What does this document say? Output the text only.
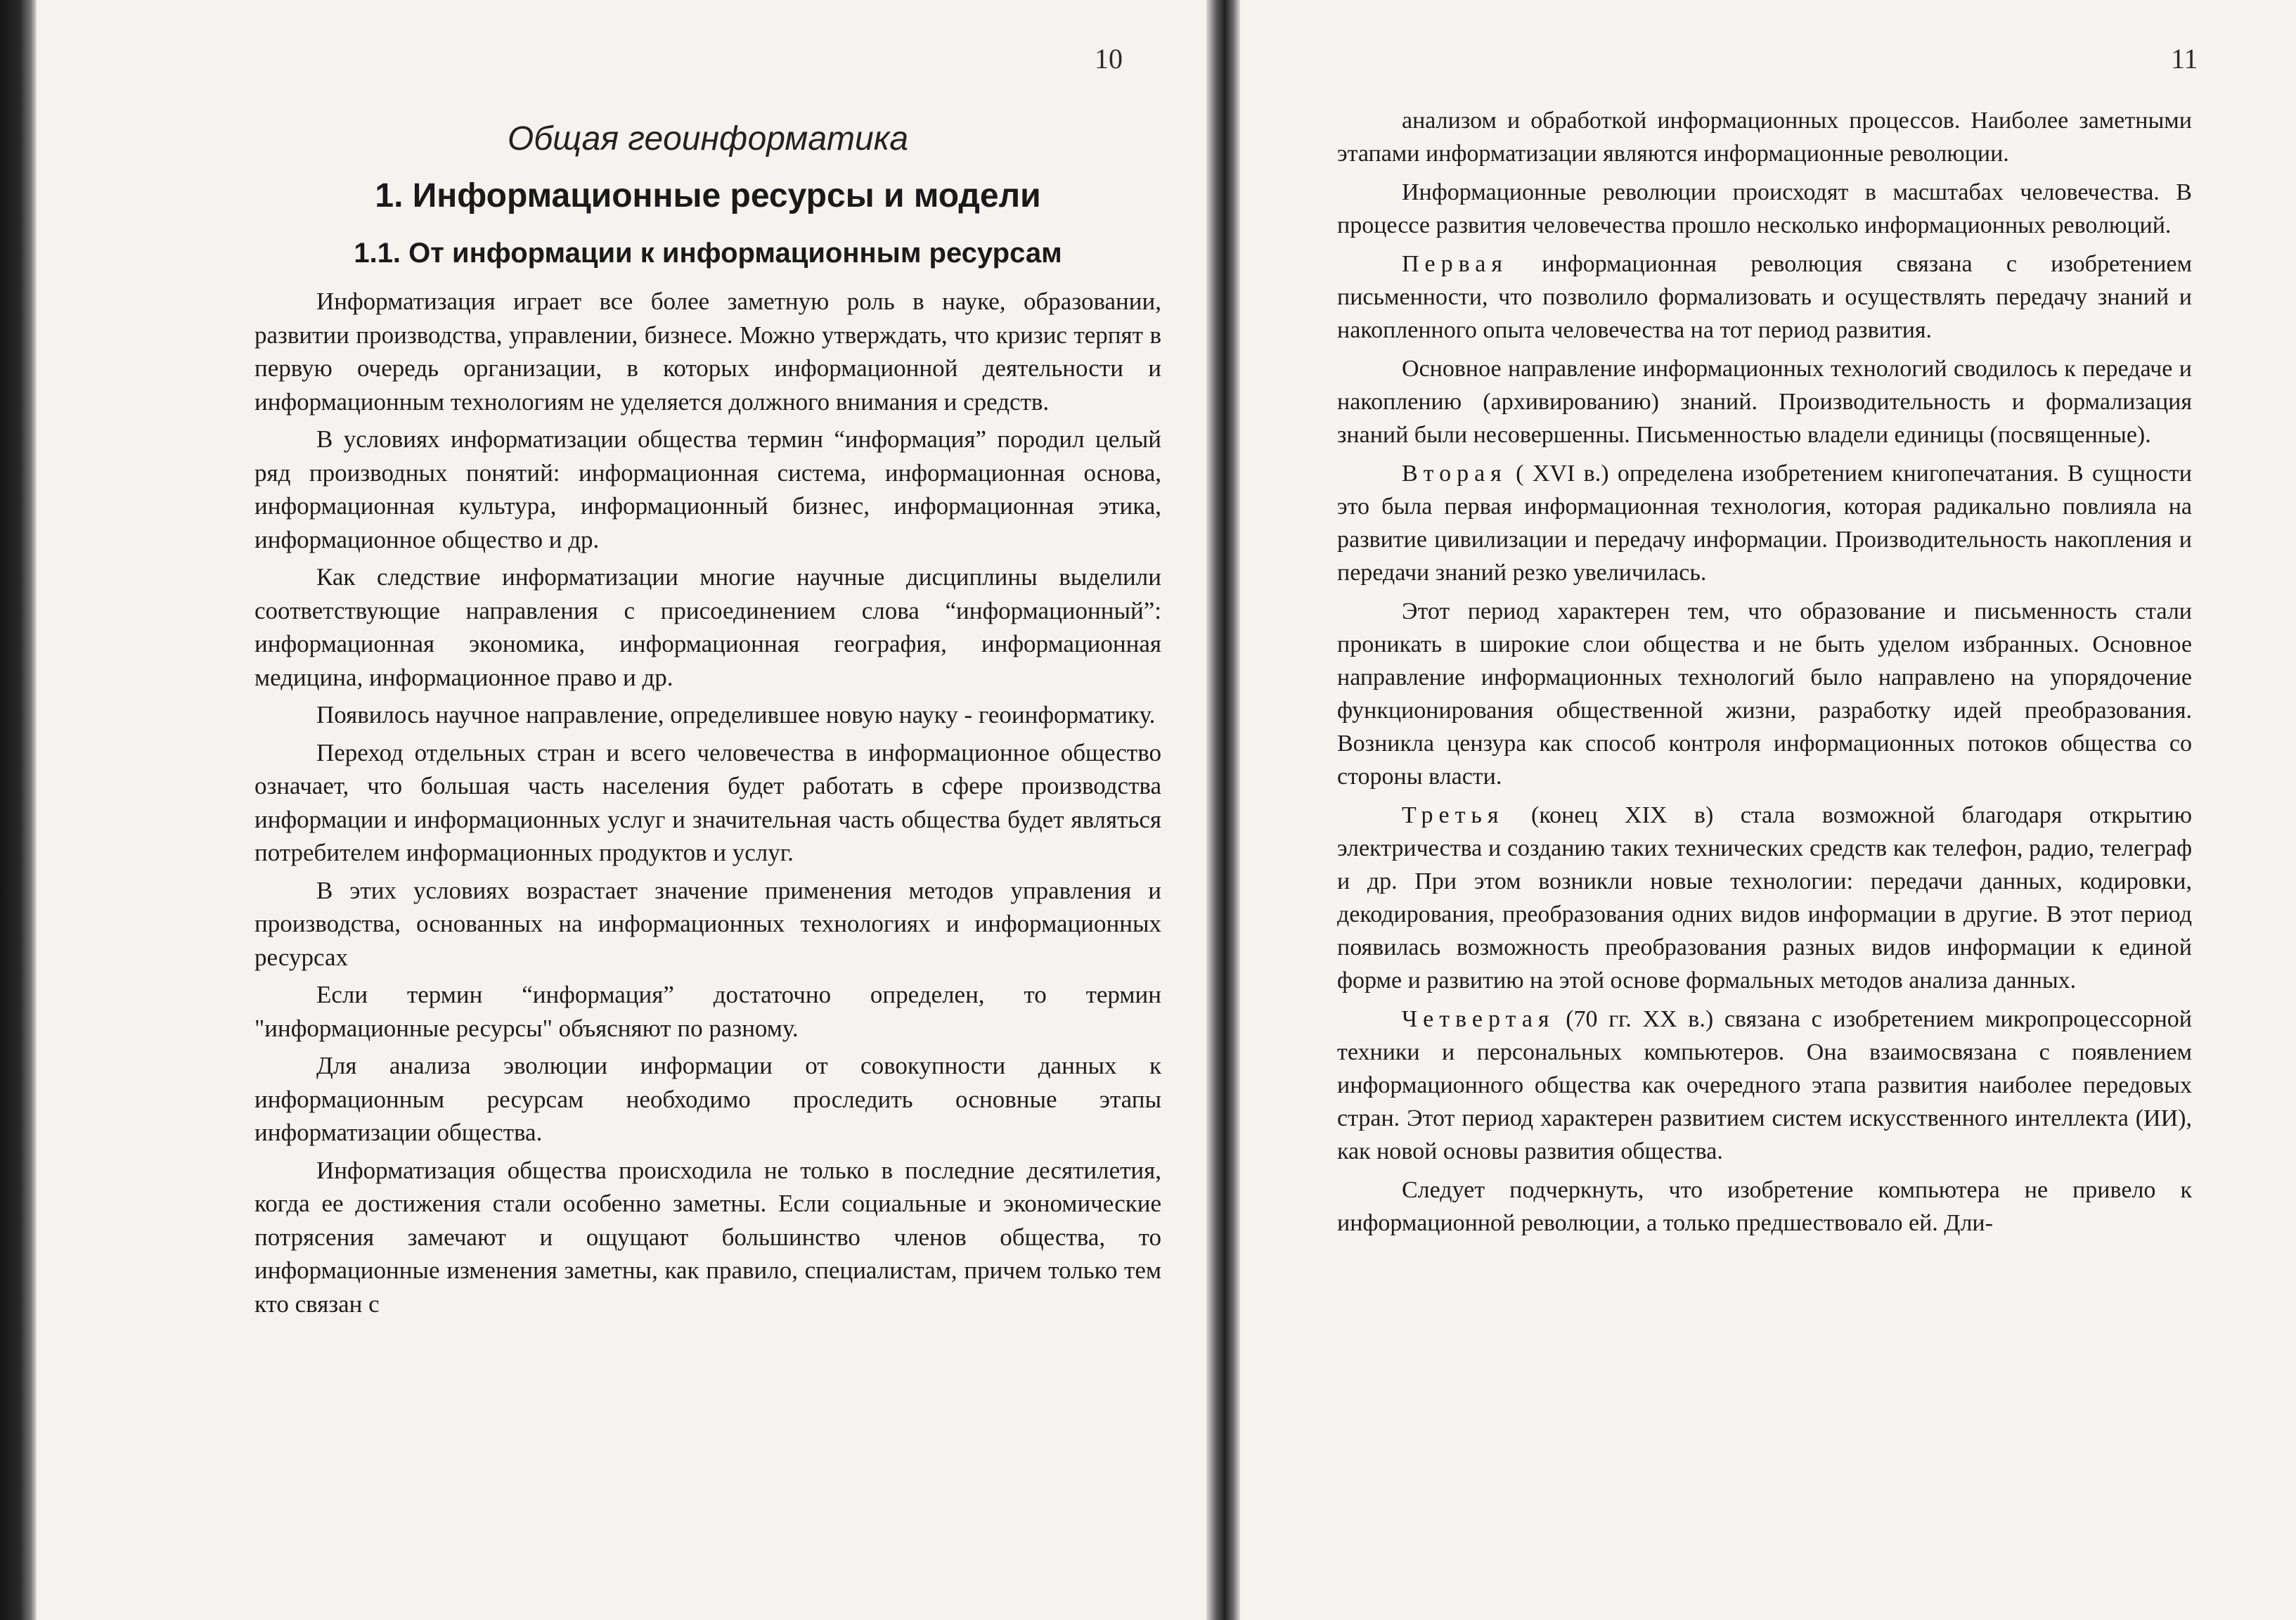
10
Общая геоинформатика
1. Информационные ресурсы и модели
1.1. От информации к информационным ресурсам

Информатизация играет все более заметную роль в науке, образовании, развитии производства, управлении, бизнесе. Можно утверждать, что кризис терпят в первую очередь организации, в которых информационной деятельности и информационным технологиям не уделяется должного внимания и средств.

В условиях информатизации общества термин “информация” породил целый ряд производных понятий: информационная система, информационная основа, информационная культура, информационный бизнес, информационная этика, информационное общество и др.

Как следствие информатизации многие научные дисциплины выделили соответствующие направления с присоединением слова “информационный”: информационная экономика, информационная география, информационная медицина, информационное право и др.

Появилось научное направление, определившее новую науку - геоинформатику.

Переход отдельных стран и всего человечества в информационное общество означает, что большая часть населения будет работать в сфере производства информации и информационных услуг и значительная часть общества будет являться потребителем информационных продуктов и услуг.

В этих условиях возрастает значение применения методов управления и производства, основанных на информационных технологиях и информационных ресурсах

Если термин “информация” достаточно определен, то термин "информационные ресурсы" объясняют по разному.

Для анализа эволюции информации от совокупности данных к информационным ресурсам необходимо проследить основные этапы информатизации общества.

Информатизация общества происходила не только в последние десятилетия, когда ее достижения стали особенно заметны. Если социальные и экономические потрясения замечают и ощущают большинство членов общества, то информационные изменения заметны, как правило, специалистам, причем только тем кто связан с

11

анализом и обработкой информационных процессов. Наиболее заметными этапами информатизации являются информационные революции.

Информационные революции происходят в масштабах человечества. В процессе развития человечества прошло несколько информационных революций.

Первая информационная революция связана с изобретением письменности, что позволило формализовать и осуществлять передачу знаний и накопленного опыта человечества на тот период развития.

Основное направление информационных технологий сводилось к передаче и накоплению (архивированию) знаний. Производительность и формализация знаний были несовершенны. Письменностью владели единицы (посвященные).

Вторая ( XVI в.) определена изобретением книгопечатания. В сущности это была первая информационная технология, которая радикально повлияла на развитие цивилизации и передачу информации. Производительность накопления и передачи знаний резко увеличилась.

Этот период характерен тем, что образование и письменность стали проникать в широкие слои общества и не быть уделом избранных. Основное направление информационных технологий было направлено на упорядочение функционирования общественной жизни, разработку идей преобразования. Возникла цензура как способ контроля информационных потоков общества со стороны власти.

Третья (конец XIX в) стала возможной благодаря открытию электричества и созданию таких технических средств как телефон, радио, телеграф и др. При этом возникли новые технологии: передачи данных, кодировки, декодирования, преобразования одних видов информации в другие. В этот период появилась возможность преобразования разных видов информации к единой форме и развитию на этой основе формальных методов анализа данных.

Четвертая (70 гг. XX в.) связана с изобретением микропроцессорной техники и персональных компьютеров. Она взаимосвязана с появлением информационного общества как очередного этапа развития наиболее передовых стран. Этот период характерен развитием систем искусственного интеллекта (ИИ), как новой основы развития общества.

Следует подчеркнуть, что изобретение компьютера не привело к информационной революции, а только предшествовало ей. Дли-
